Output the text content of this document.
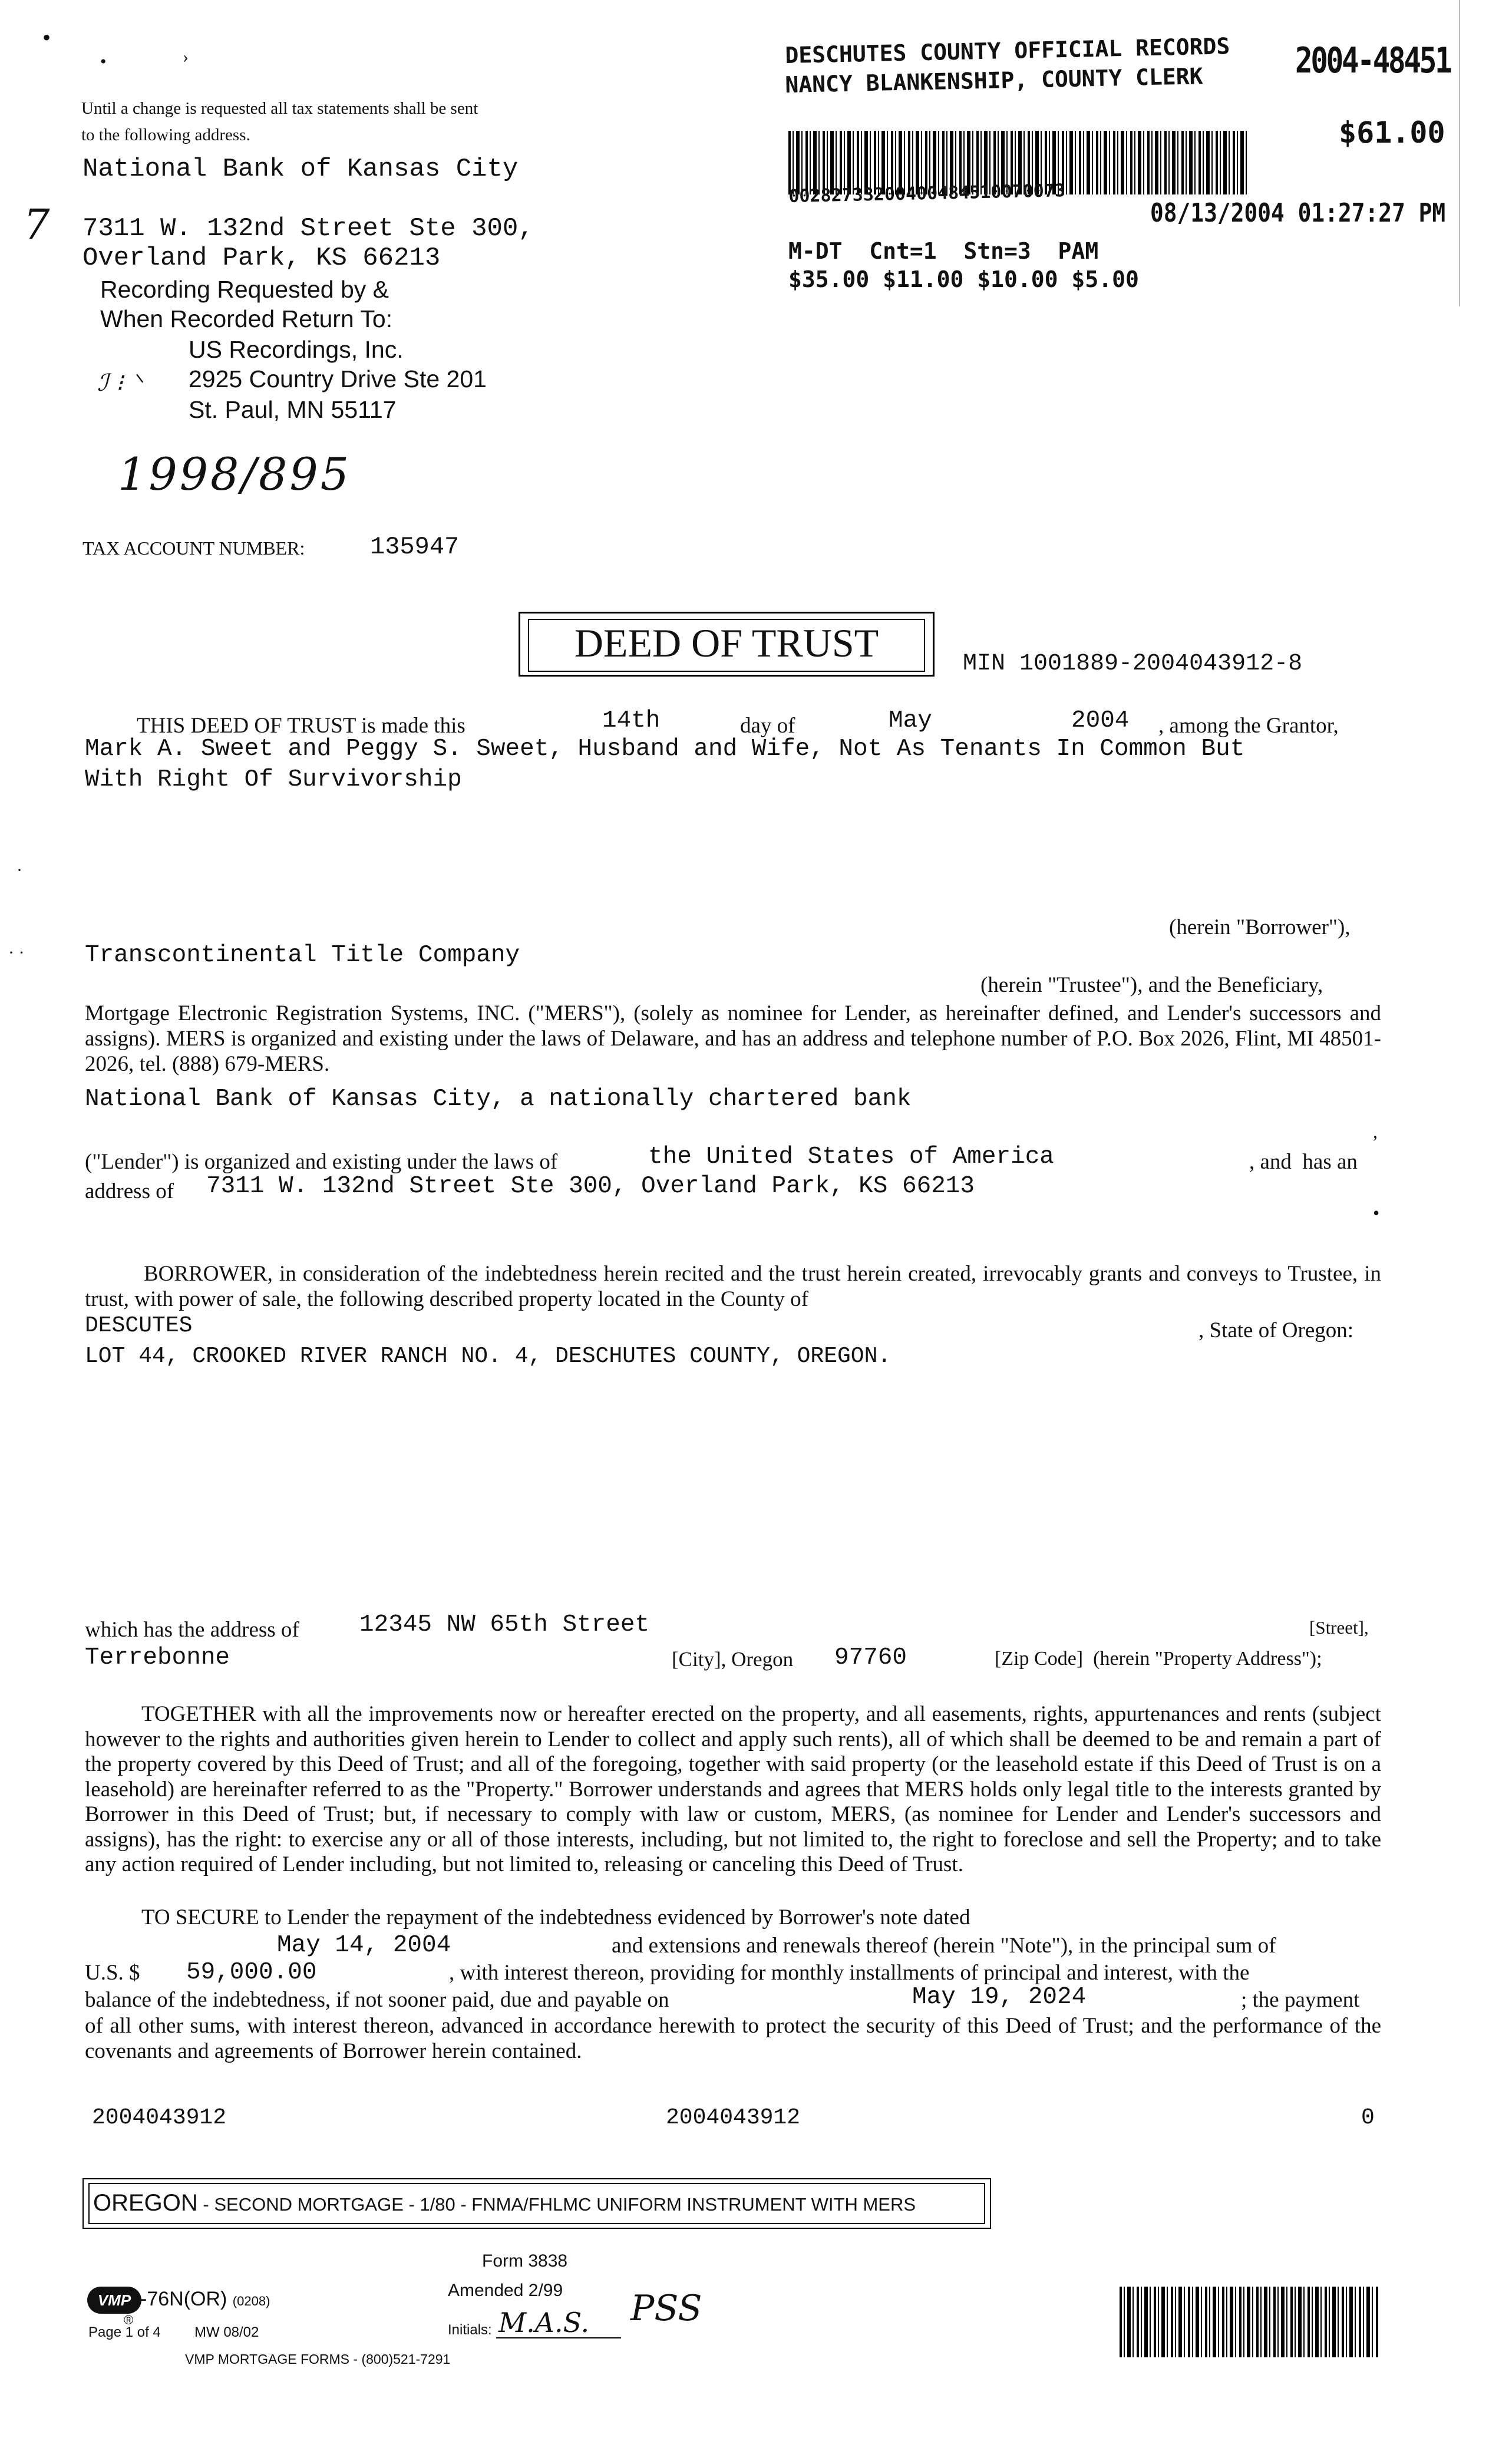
•
•	›
Until a change is requested all tax statements shall be sent
to the following address.
National Bank of Kansas City
7 7311 W. 132nd Street Ste 300,
Overland Park, KS 66213
Recording Requested by &
When Recorded Return To:
US Recordings, Inc.
ℐ ⁝ ⸌ 2925 Country Drive Ste 201
St. Paul, MN 55117
1998/895
TAX ACCOUNT NUMBER:	135947
DESCHUTES COUNTY OFFICIAL RECORDS
NANCY BLANKENSHIP, COUNTY CLERK	2004-48451
$61.00
00282733200400484510070073
08/13/2004 01:27:27 PM
M-DT  Cnt=1  Stn=3  PAM
$35.00 $11.00 $10.00 $5.00
DEED OF TRUST	MIN 1001889-2004043912-8
THIS DEED OF TRUST is made this	14th	day of	May	2004 , among the Grantor,
Mark A. Sweet and Peggy S. Sweet, Husband and Wife, Not As Tenants In Common But
With Right Of Survivorship
·
· ·
(herein "Borrower"),
Transcontinental Title Company
(herein "Trustee"), and the Beneficiary,
Mortgage Electronic Registration Systems, INC. ("MERS"), (solely as nominee for Lender, as hereinafter defined, and Lender's successors and assigns). MERS is organized and existing under the laws of Delaware, and has an address and telephone number of P.O. Box 2026, Flint, MI 48501-2026, tel. (888) 679-MERS.
National Bank of Kansas City, a nationally chartered bank
,
("Lender") is organized and existing under the laws of	the United States of America	, and  has an
address of 7311 W. 132nd Street Ste 300, Overland Park, KS 66213
•
BORROWER, in consideration of the indebtedness herein recited and the trust herein created, irrevocably grants and conveys to Trustee, in trust, with power of sale, the following described property located in the County of
DESCUTES	, State of Oregon:
LOT 44, CROOKED RIVER RANCH NO. 4, DESCHUTES COUNTY, OREGON.
which has the address of 12345 NW 65th Street	[Street],
Terrebonne	[City], Oregon 97760	[Zip Code]  (herein "Property Address");
TOGETHER with all the improvements now or hereafter erected on the property, and all easements, rights, appurtenances and rents (subject however to the rights and authorities given herein to Lender to collect and apply such rents), all of which shall be deemed to be and remain a part of the property covered by this Deed of Trust; and all of the foregoing, together with said property (or the leasehold estate if this Deed of Trust is on a leasehold) are hereinafter referred to as the "Property." Borrower understands and agrees that MERS holds only legal title to the interests granted by Borrower in this Deed of Trust; but, if necessary to comply with law or custom, MERS, (as nominee for Lender and Lender's successors and assigns), has the right: to exercise any or all of those interests, including, but not limited to, the right to foreclose and sell the Property; and to take any action required of Lender including, but not limited to, releasing or canceling this Deed of Trust.
TO SECURE to Lender the repayment of the indebtedness evidenced by Borrower's note dated
May 14, 2004	and extensions and renewals thereof (herein "Note"), in the principal sum of
U.S. $ 59,000.00	, with interest thereon, providing for monthly installments of principal and interest, with the
balance of the indebtedness, if not sooner paid, due and payable on	May 19, 2024	; the payment
of all other sums, with interest thereon, advanced in accordance herewith to protect the security of this Deed of Trust; and the performance of the covenants and agreements of Borrower herein contained.
2004043912	2004043912	0
OREGON - SECOND MORTGAGE - 1/80 - FNMA/FHLMC UNIFORM INSTRUMENT WITH MERS
Form 3838
VMP -76N(OR) (0208)
®
Amended 2/99
Page 1 of 4 MW 08/02	Initials: M.A.S. PSS
VMP MORTGAGE FORMS - (800)521-7291
